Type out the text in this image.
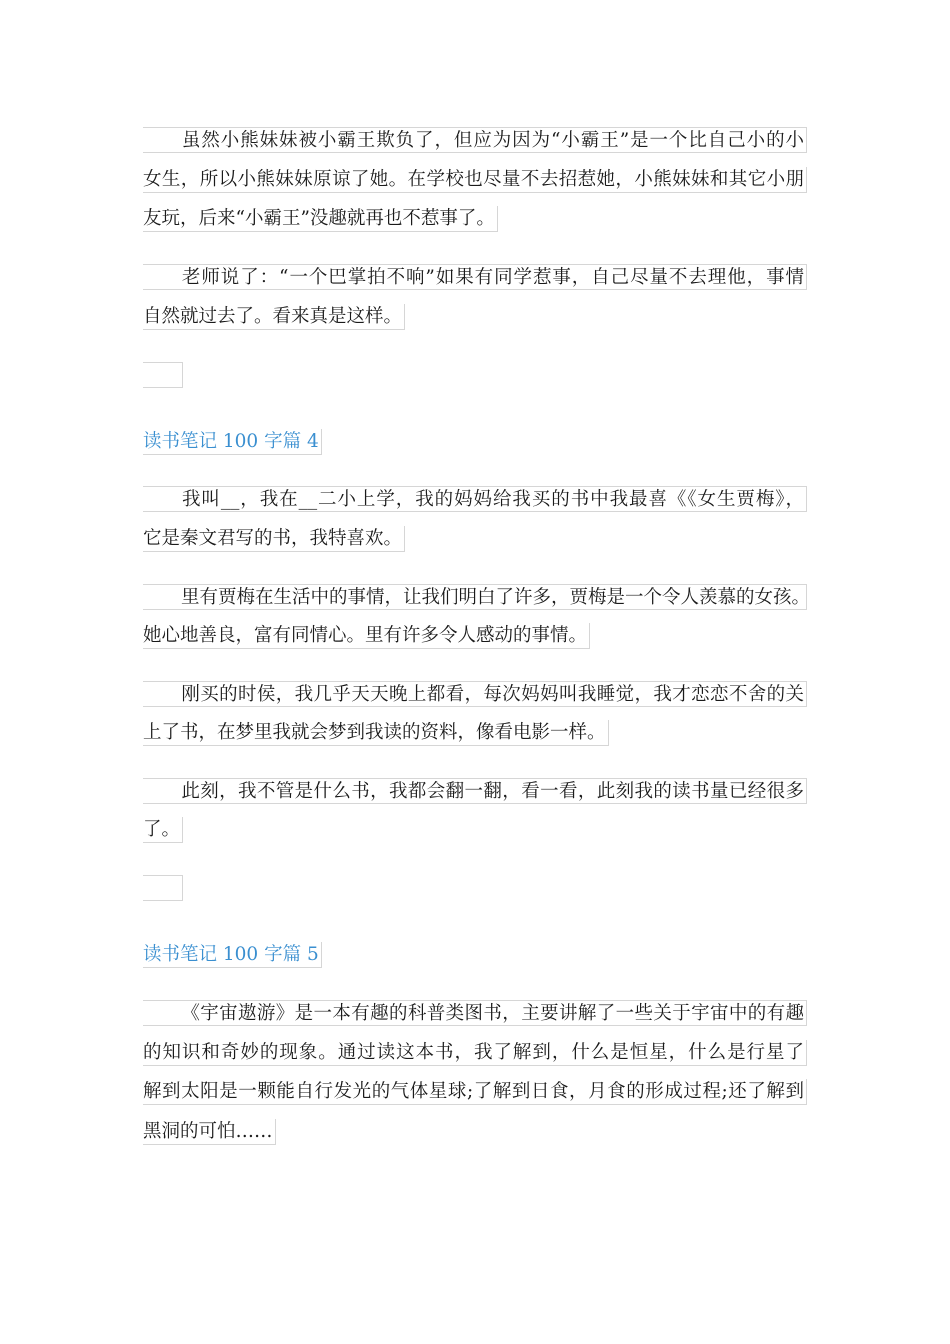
虽然小熊妹妹被小霸王欺负了，但应为因为“小霸王”是一个比自己小的小
女生，所以小熊妹妹原谅了她。在学校也尽量不去招惹她，小熊妹妹和其它小朋
友玩，后来“小霸王”没趣就再也不惹事了。
老师说了：“一个巴掌拍不响”如果有同学惹事，自己尽量不去理他，事情
自然就过去了。看来真是这样。
读书笔记 100 字篇 4
我叫__，我在__二小上学，我的妈妈给我买的书中我最喜《《女生贾梅》，
它是秦文君写的书，我特喜欢。
里有贾梅在生活中的事情，让我们明白了许多，贾梅是一个令人羡慕的女孩。
她心地善良，富有同情心。里有许多令人感动的事情。
刚买的时侯，我几乎天天晚上都看，每次妈妈叫我睡觉，我才恋恋不舍的关
上了书，在梦里我就会梦到我读的资料，像看电影一样。
此刻，我不管是什么书，我都会翻一翻，看一看，此刻我的读书量已经很多
了。
读书笔记 100 字篇 5
《宇宙遨游》是一本有趣的科普类图书，主要讲解了一些关于宇宙中的有趣
的知识和奇妙的现象。通过读这本书，我了解到，什么是恒星，什么是行星了
解到太阳是一颗能自行发光的气体星球;了解到日食，月食的形成过程;还了解到
黑洞的可怕……
